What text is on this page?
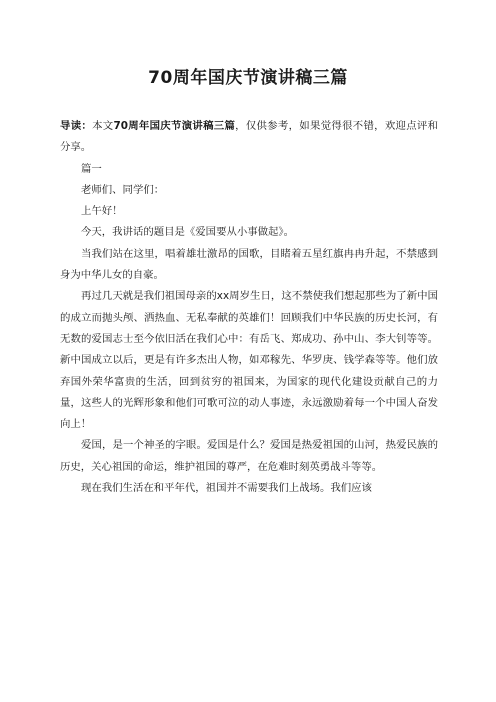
70周年国庆节演讲稿三篇

导读：本文70周年国庆节演讲稿三篇，仅供参考，如果觉得很不错，欢迎点评和分享。

篇一

老师们、同学们：

上午好！

今天，我讲话的题目是《爱国要从小事做起》。

当我们站在这里，唱着雄壮激昂的国歌，目睹着五星红旗冉冉升起，不禁感到身为中华儿女的自豪。

再过几天就是我们祖国母亲的xx周岁生日，这不禁使我们想起那些为了新中国的成立而抛头颅、洒热血、无私奉献的英雄们！回顾我们中华民族的历史长河，有无数的爱国志士至今依旧活在我们心中：有岳飞、郑成功、孙中山、李大钊等等。新中国成立以后，更是有许多杰出人物，如邓稼先、华罗庚、钱学森等等。他们放弃国外荣华富贵的生活，回到贫穷的祖国来，为国家的现代化建设贡献自己的力量，这些人的光辉形象和他们可歌可泣的动人事迹，永远激励着每一个中国人奋发向上！

爱国，是一个神圣的字眼。爱国是什么？爱国是热爱祖国的山河，热爱民族的历史，关心祖国的命运，维护祖国的尊严，在危难时刻英勇战斗等等。

现在我们生活在和平年代，祖国并不需要我们上战场。我们应该
